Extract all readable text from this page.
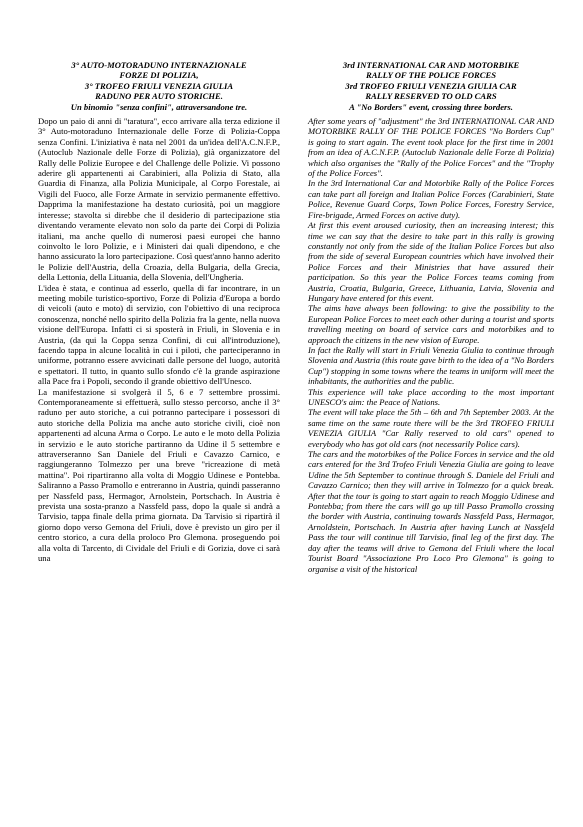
3° AUTO-MOTORADUNO INTERNAZIONALE
FORZE DI POLIZIA,
3° TROFEO FRIULI VENEZIA GIULIA
RADUNO PER AUTO STORICHE.
Un binomio "senza confini", attraversandone tre.

Dopo un paio di anni di "taratura", ecco arrivare alla terza edizione il 3° Auto-motoraduno Internazionale delle Forze di Polizia-Coppa senza Confini. L'iniziativa è nata nel 2001 da un'idea dell'A.C.N.F.P., (Autoclub Nazionale delle Forze di Polizia), già organizzatore del Rally delle Polizie Europee e del Challenge delle Polizie. Vi possono aderire gli appartenenti ai Carabinieri, alla Polizia di Stato, alla Guardia di Finanza, alla Polizia Municipale, al Corpo Forestale, ai Vigili del Fuoco, alle Forze Armate in servizio permanente effettivo. Dapprima la manifestazione ha destato curiosità, poi un maggiore interesse; stavolta si direbbe che il desiderio di partecipazione stia diventando veramente elevato non solo da parte dei Corpi di Polizia italiani, ma anche quello di numerosi paesi europei che hanno coinvolto le loro Polizie, e i Ministeri dai quali dipendono, e che hanno assicurato la loro partecipazione. Così quest'anno hanno aderito le Polizie dell'Austria, della Croazia, della Bulgaria, della Grecia, della Lettonia, della Lituania, della Slovenia, dell'Ungheria.

L'idea è stata, e continua ad esserlo, quella di far incontrare, in un meeting mobile turistico-sportivo, Forze di Polizia d'Europa a bordo di veicoli (auto e moto) di servizio, con l'obiettivo di una reciproca conoscenza, nonché nello spirito della Polizia fra la gente, nella nuova visione dell'Europa. Infatti ci si sposterà in Friuli, in Slovenia e in Austria, (da qui la Coppa senza Confini, di cui all'introduzione), facendo tappa in alcune località in cui i piloti, che parteciperanno in uniforme, potranno essere avvicinati dalle persone del luogo, autorità e spettatori. Il tutto, in quanto sullo sfondo c'è la grande aspirazione alla Pace fra i Popoli, secondo il grande obiettivo dell'Unesco.

La manifestazione si svolgerà il 5, 6 e 7 settembre prossimi. Contemporaneamente si effettuerà, sullo stesso percorso, anche il 3° raduno per auto storiche, a cui potranno partecipare i possessori di auto storiche della Polizia ma anche auto storiche civili, cioè non appartenenti ad alcuna Arma o Corpo. Le auto e le moto della Polizia in servizio e le auto storiche partiranno da Udine il 5 settembre e attraverseranno San Daniele del Friuli e Cavazzo Carnico, e raggiungeranno Tolmezzo per una breve "ricreazione di metà mattina". Poi ripartiranno alla volta di Moggio Udinese e Pontebba. Saliranno a Passo Pramollo e entreranno in Austria, quindi passeranno per Nassfeld pass, Hermagor, Arnolstein, Portschach. In Austria è prevista una sosta-pranzo a Nassfeld pass, dopo la quale si andrà a Tarvisio, tappa finale della prima giornata. Da Tarvisio si ripartirà il giorno dopo verso Gemona del Friuli, dove è previsto un giro per il centro storico, a cura della proloco Pro Glemona. proseguendo poi alla volta di Tarcento, di Cividale del Friuli e di Gorizia, dove ci sarà una

3rd INTERNATIONAL CAR AND MOTORBIKE
RALLY OF THE POLICE FORCES
3rd TROFEO FRIULI VENEZIA GIULIA CAR
RALLY RESERVED TO OLD CARS
A "No Borders" event, crossing three borders.

After some years of "adjustment" the 3rd INTERNATIONAL CAR AND MOTORBIKE RALLY OF THE POLICE FORCES "No Borders Cup" is going to start again. The event took place for the first time in 2001 from an idea of A.C.N.F.P. (Autoclub Nazionale delle Forze di Polizia) which also organises the "Rally of the Police Forces" and the "Trophy of the Police Forces".

In the 3rd International Car and Motorbike Rally of the Police Forces can take part all foreign and Italian Police Forces (Carabinieri, State Police, Revenue Guard Corps, Town Police Forces, Forestry Service, Fire-brigade, Armed Forces on active duty).

At first this event aroused curiosity, then an increasing interest; this time we can say that the desire to take part in this rally is growing constantly not only from the side of the Italian Police Forces but also from the side of several European countries which have involved their Police Forces and their Ministries that have assured their participation. So this year the Police Forces teams coming from Austria, Croatia, Bulgaria, Greece, Lithuania, Latvia, Slovenia and Hungary have entered for this event.

The aims have always been following: to give the possibility to the European Police Forces to meet each other during a tourist and sports travelling meeting on board of service cars and motorbikes and to approach the citizens in the new vision of Europe.

In fact the Rally will start in Friuli Venezia Giulia to continue through Slovenia and Austria (this route gave birth to the idea of a "No Borders Cup") stopping in some towns where the teams in uniform will meet the inhabitants, the authorities and the public.

This experience will take place according to the most important UNESCO's aim: the Peace of Nations.

The event will take place the 5th – 6th and 7th September 2003. At the same time on the same route there will be the 3rd TROFEO FRIULI VENEZIA GIULIA "Car Rally reserved to old cars" opened to everybody who has got old cars (not necessarily Police cars).

The cars and the motorbikes of the Police Forces in service and the old cars entered for the 3rd Trofeo Friuli Venezia Giulia are going to leave Udine the 5th September to continue through S. Daniele del Friuli and Cavazzo Carnico; then they will arrive in Tolmezzo for a quick break. After that the tour is going to start again to reach Moggio Udinese and Pontebba; from there the cars will go up till Passo Pramollo crossing the border with Austria, continuing towards Nassfeld Pass, Hermagor, Arnoldstein, Portschach. In Austria after having Lunch at Nassfeld Pass the tour will continue till Tarvisio, final leg of the first day. The day after the teams will drive to Gemona del Friuli where the local Tourist Board "Associazione Pro Loco Pro Glemona" is going to organise a visit of the historical
